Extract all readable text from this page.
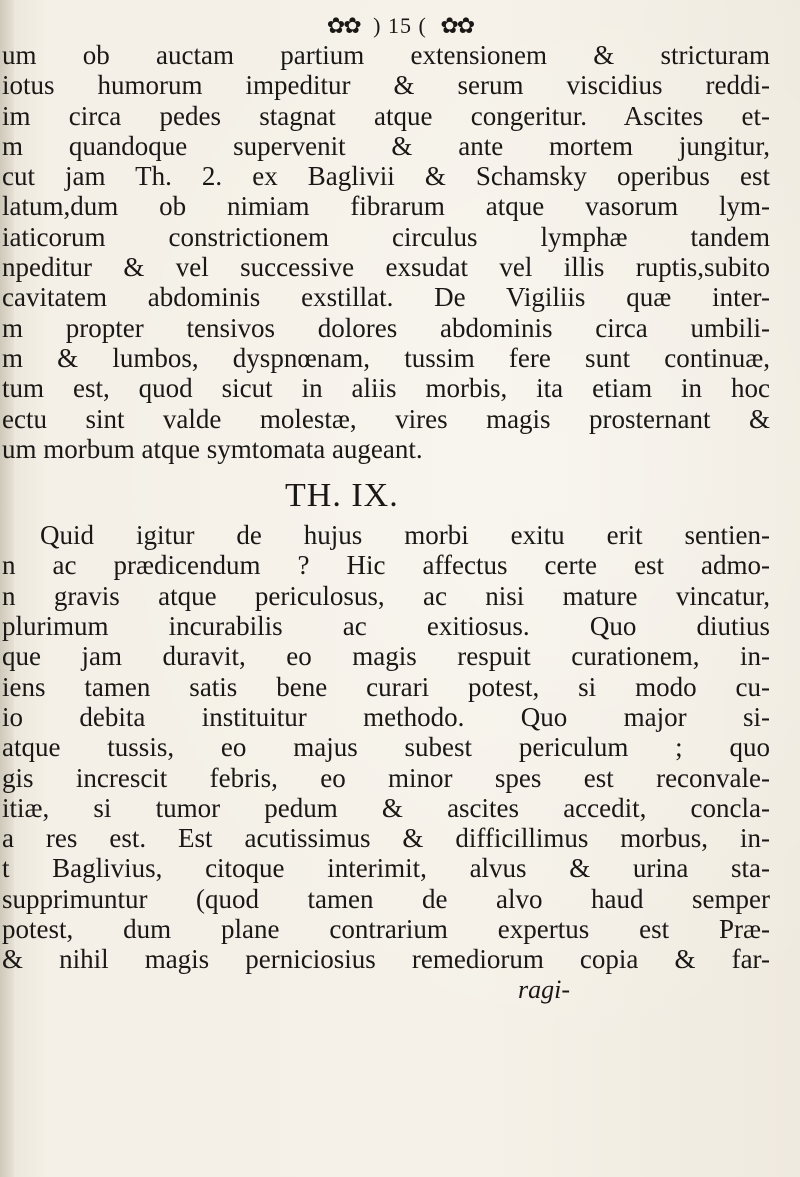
✿✿ ) 15 ( ✿✿
um ob auctam partium extensionem & stricturam
iotus humorum impeditur & serum viscidius reddi-
im circa pedes stagnat atque congeritur. Ascites et-
m quandoque supervenit & ante mortem jungitur,
cut jam Th. 2. ex Baglivii & Schamsky operibus est
latum,dum ob nimiam fibrarum atque vasorum lym-
iaticorum constrictionem circulus lymphæ tandem
npeditur & vel successive exsudat vel illis ruptis,subito
cavitatem abdominis exstillat. De Vigiliis quæ inter-
m propter tensivos dolores abdominis circa umbili-
m & lumbos, dyspnœnam, tussim fere sunt continuæ,
tum est, quod sicut in aliis morbis, ita etiam in hoc
ectu sint valde molestæ, vires magis prosternant &
um morbum atque symtomata augeant.
TH. IX.
Quid igitur de hujus morbi exitu erit sentien-
n ac prædicendum ? Hic affectus certe est admo-
n gravis atque periculosus, ac nisi mature vincatur,
plurimum incurabilis ac exitiosus. Quo diutius
que jam duravit, eo magis respuit curationem, in-
iens tamen satis bene curari potest, si modo cu-
io debita instituitur methodo. Quo major si-
atque tussis, eo majus subest periculum ; quo
gis increscit febris, eo minor spes est reconvale-
itiæ, si tumor pedum & ascites accedit, concla-
a res est. Est acutissimus & difficillimus morbus, in-
t Baglivius, citoque interimit, alvus & urina sta-
supprimuntur (quod tamen de alvo haud semper
potest, dum plane contrarium expertus est Præ-
& nihil magis perniciosius remediorum copia & far-
ragi-
